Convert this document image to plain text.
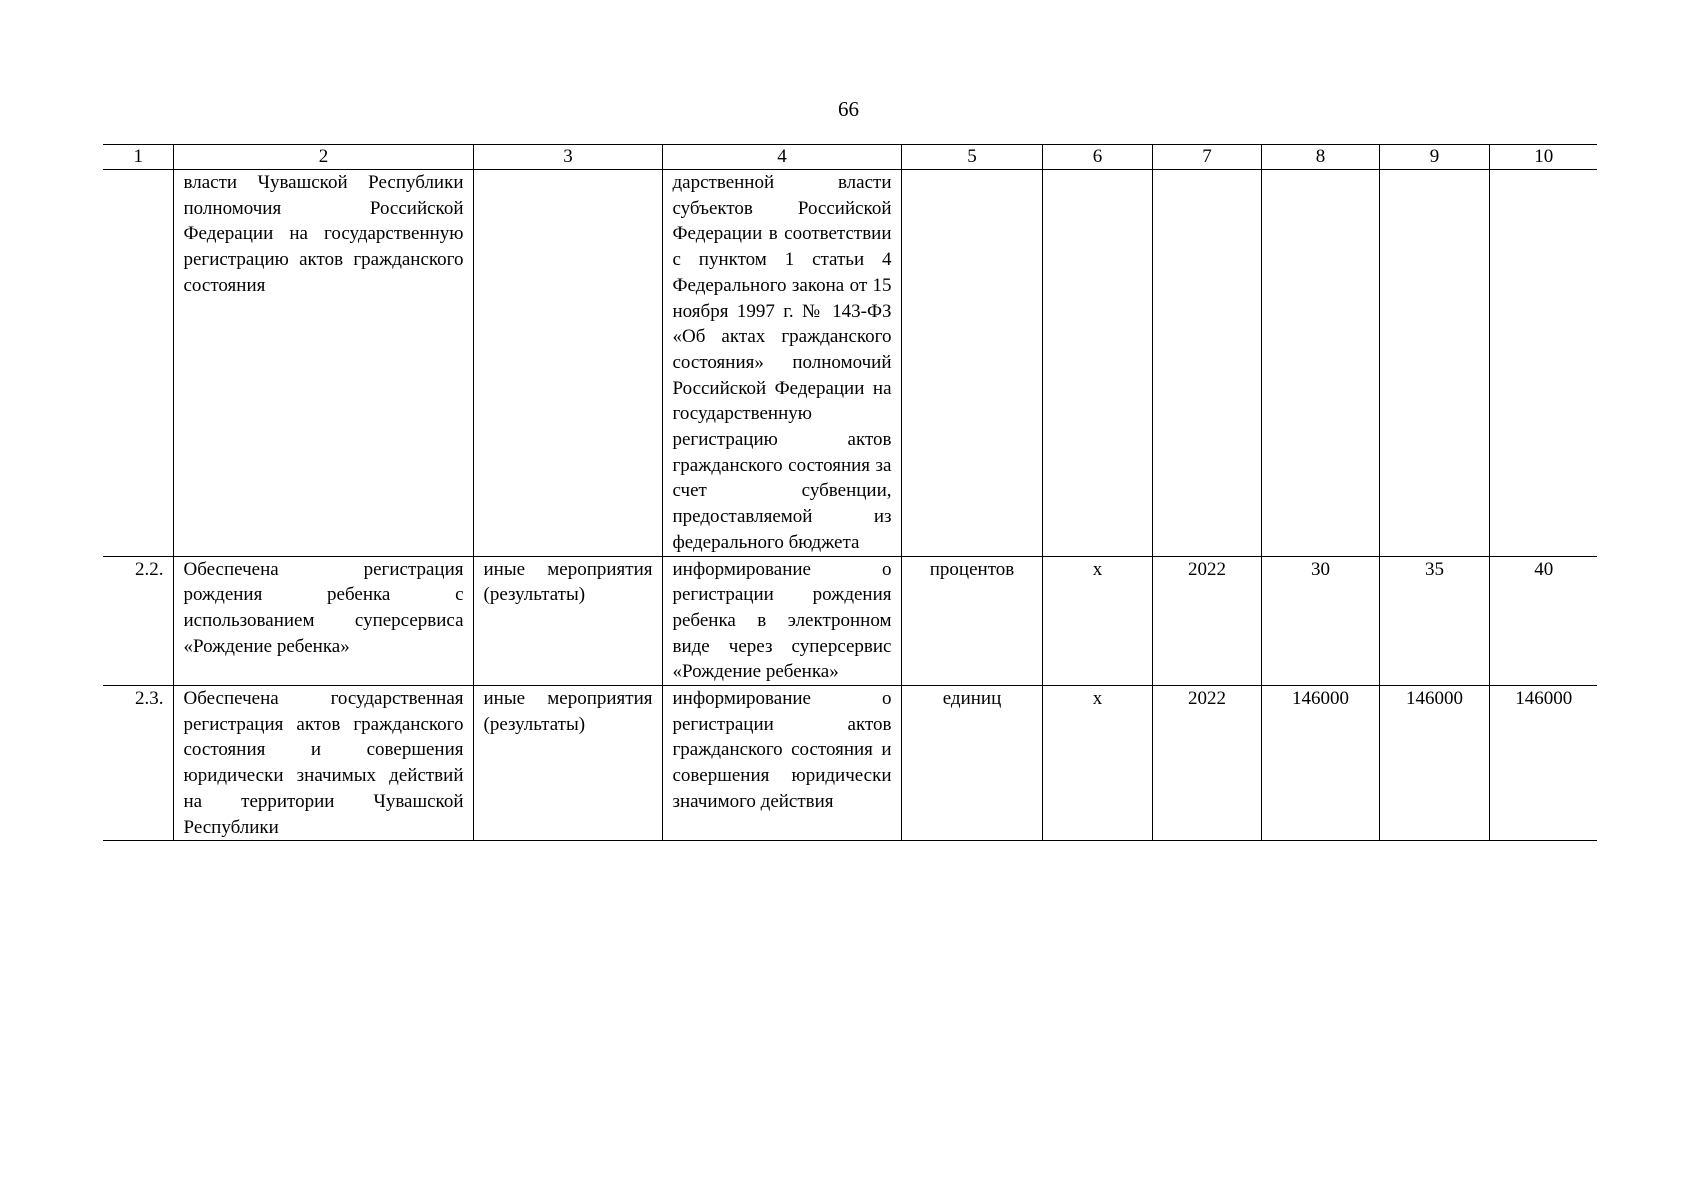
66
1	2	3	4	5	6	7	8	9	10
	власти Чувашской Республики полномочия Российской Федерации на государственную регистрацию актов гражданского состояния		дарственной власти субъектов Российской Федерации в соответствии с пунктом 1 статьи 4 Федерального закона от 15 ноября 1997 г. № 143-ФЗ «Об актах гражданского состояния» полномочий Российской Федерации на государственную регистрацию актов гражданского состояния за счет субвенции, предоставляемой из федерального бюджета						
2.2.	Обеспечена регистрация рождения ребенка с использованием суперсервиса «Рождение ребенка»	иные мероприятия (результаты)	информирование о регистрации рождения ребенка в электронном виде через суперсервис «Рождение ребенка»	процентов	x	2022	30	35	40
2.3.	Обеспечена государственная регистрация актов гражданского состояния и совершения юридически значимых действий на территории Чувашской Республики	иные мероприятия (результаты)	информирование о регистрации актов гражданского состояния и совершения юридически значимого действия	единиц	x	2022	146000	146000	146000
